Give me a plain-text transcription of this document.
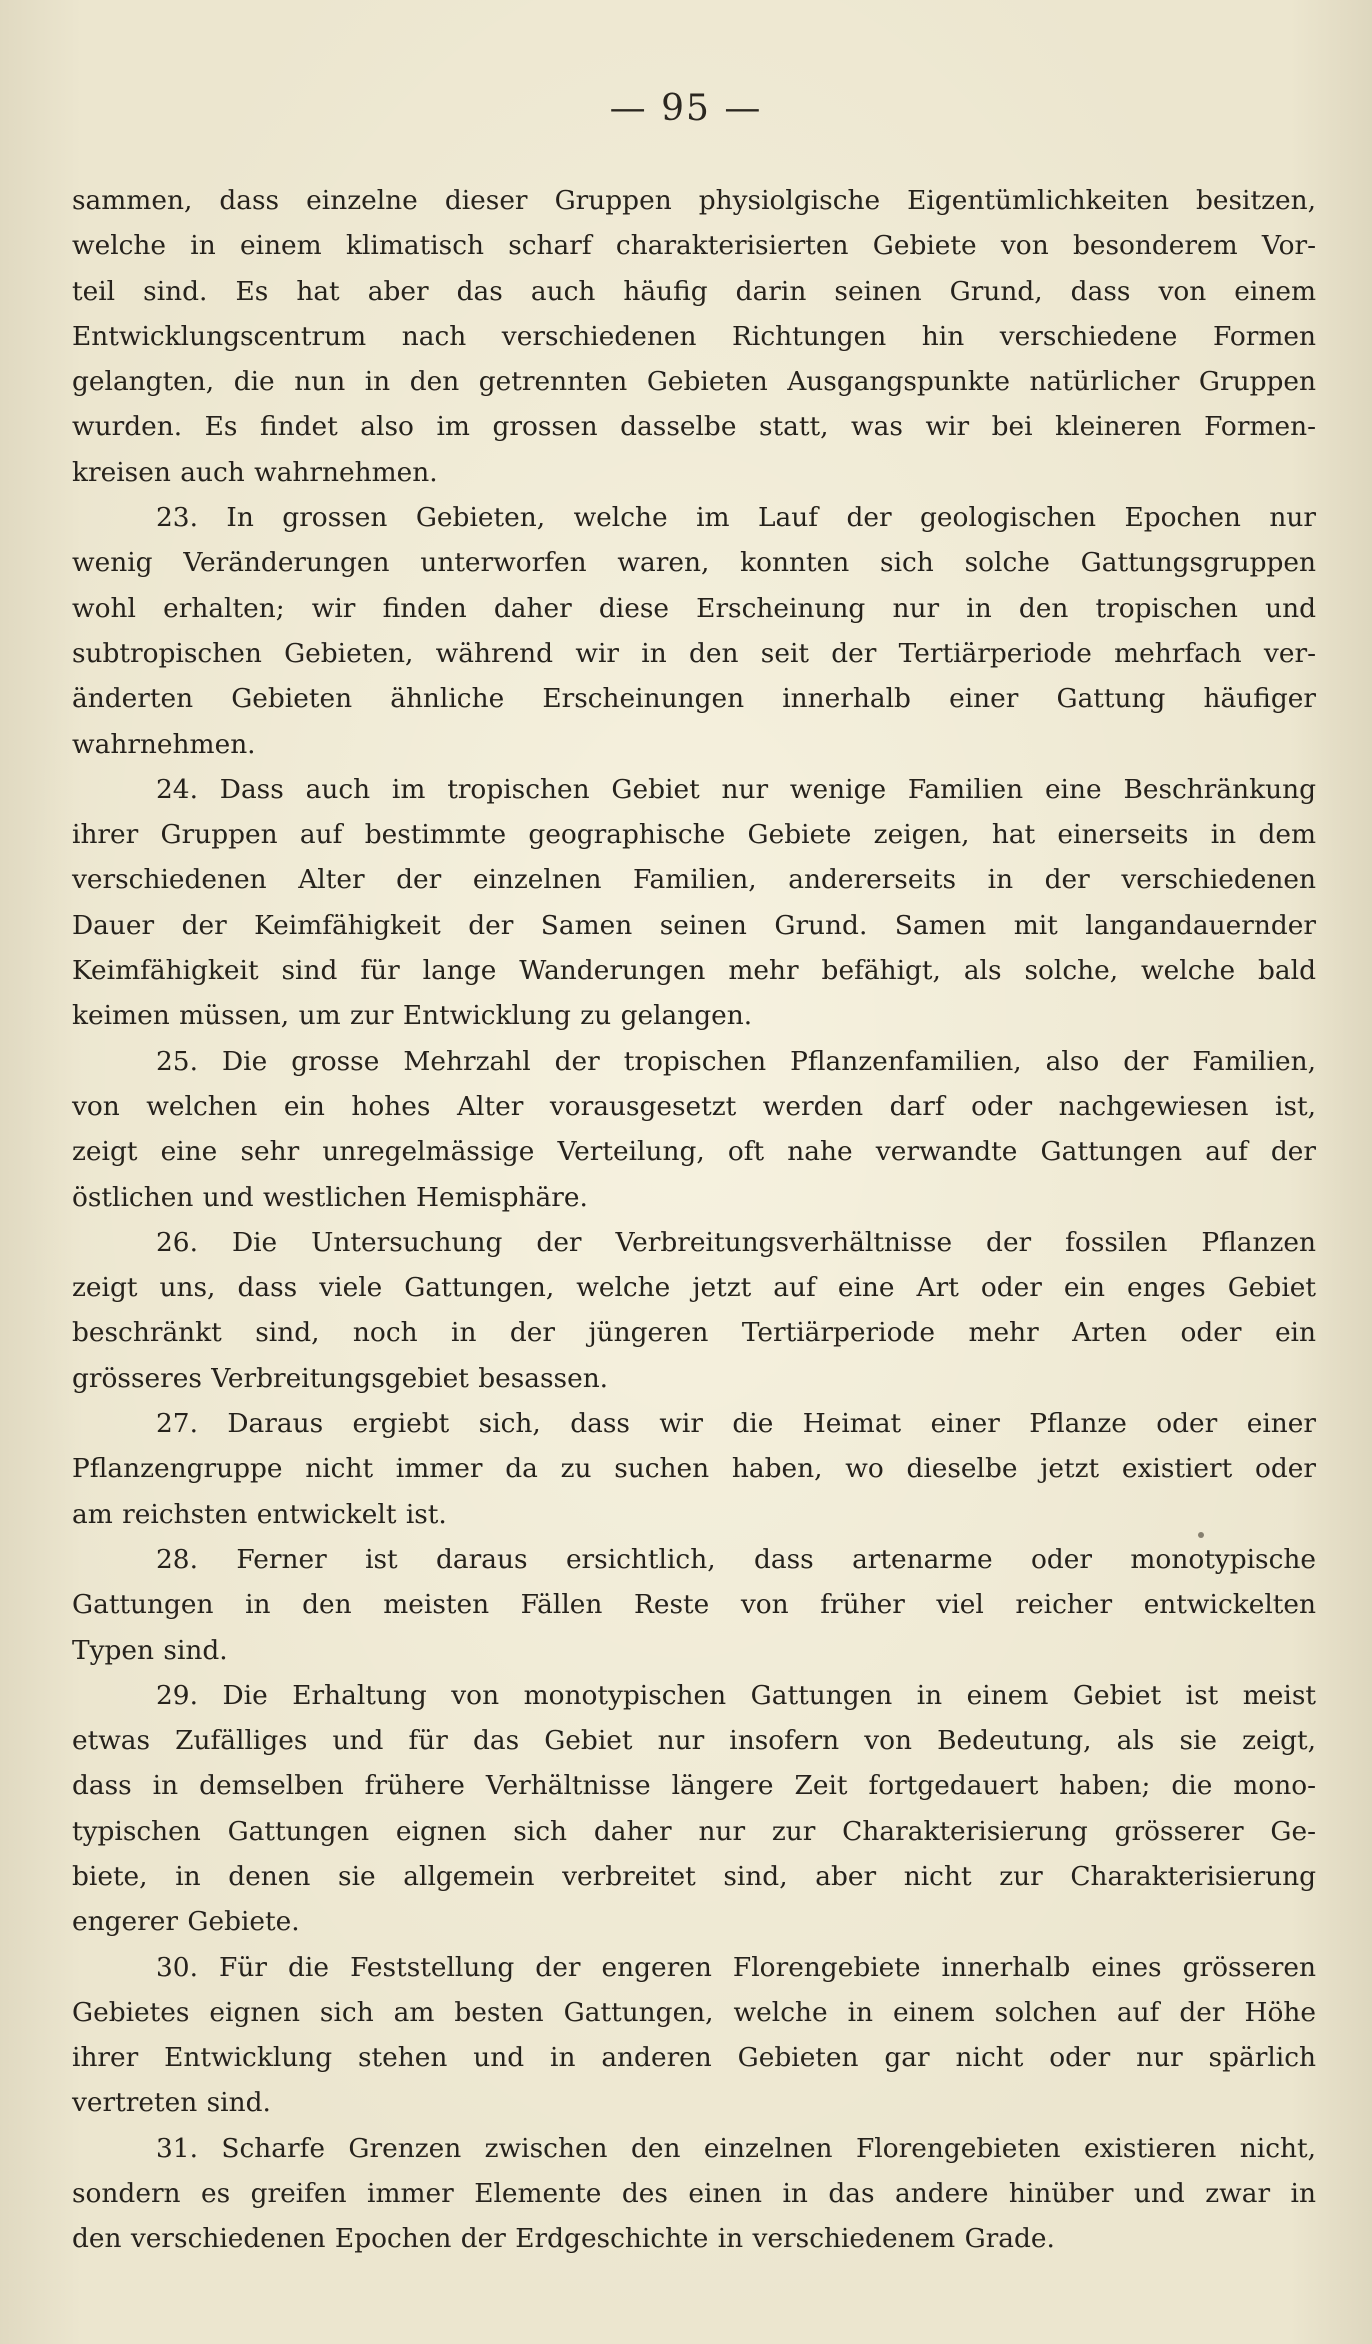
— 95 —
sammen, dass einzelne dieser Gruppen physiolgische Eigentümlichkeiten besitzen,
welche in einem klimatisch scharf charakterisierten Gebiete von besonderem Vor-
teil sind. Es hat aber das auch häufig darin seinen Grund, dass von einem
Entwicklungscentrum nach verschiedenen Richtungen hin verschiedene Formen
gelangten, die nun in den getrennten Gebieten Ausgangspunkte natürlicher Gruppen
wurden. Es findet also im grossen dasselbe statt, was wir bei kleineren Formen-
kreisen auch wahrnehmen.
23. In grossen Gebieten, welche im Lauf der geologischen Epochen nur
wenig Veränderungen unterworfen waren, konnten sich solche Gattungsgruppen
wohl erhalten; wir finden daher diese Erscheinung nur in den tropischen und
subtropischen Gebieten, während wir in den seit der Tertiärperiode mehrfach ver-
änderten Gebieten ähnliche Erscheinungen innerhalb einer Gattung häufiger
wahrnehmen.
24. Dass auch im tropischen Gebiet nur wenige Familien eine Beschränkung
ihrer Gruppen auf bestimmte geographische Gebiete zeigen, hat einerseits in dem
verschiedenen Alter der einzelnen Familien, andererseits in der verschiedenen
Dauer der Keimfähigkeit der Samen seinen Grund. Samen mit langandauernder
Keimfähigkeit sind für lange Wanderungen mehr befähigt, als solche, welche bald
keimen müssen, um zur Entwicklung zu gelangen.
25. Die grosse Mehrzahl der tropischen Pflanzenfamilien, also der Familien,
von welchen ein hohes Alter vorausgesetzt werden darf oder nachgewiesen ist,
zeigt eine sehr unregelmässige Verteilung, oft nahe verwandte Gattungen auf der
östlichen und westlichen Hemisphäre.
26. Die Untersuchung der Verbreitungsverhältnisse der fossilen Pflanzen
zeigt uns, dass viele Gattungen, welche jetzt auf eine Art oder ein enges Gebiet
beschränkt sind, noch in der jüngeren Tertiärperiode mehr Arten oder ein
grösseres Verbreitungsgebiet besassen.
27. Daraus ergiebt sich, dass wir die Heimat einer Pflanze oder einer
Pflanzengruppe nicht immer da zu suchen haben, wo dieselbe jetzt existiert oder
am reichsten entwickelt ist.
28. Ferner ist daraus ersichtlich, dass artenarme oder monotypische
Gattungen in den meisten Fällen Reste von früher viel reicher entwickelten
Typen sind.
29. Die Erhaltung von monotypischen Gattungen in einem Gebiet ist meist
etwas Zufälliges und für das Gebiet nur insofern von Bedeutung, als sie zeigt,
dass in demselben frühere Verhältnisse längere Zeit fortgedauert haben; die mono-
typischen Gattungen eignen sich daher nur zur Charakterisierung grösserer Ge-
biete, in denen sie allgemein verbreitet sind, aber nicht zur Charakterisierung
engerer Gebiete.
30. Für die Feststellung der engeren Florengebiete innerhalb eines grösseren
Gebietes eignen sich am besten Gattungen, welche in einem solchen auf der Höhe
ihrer Entwicklung stehen und in anderen Gebieten gar nicht oder nur spärlich
vertreten sind.
31. Scharfe Grenzen zwischen den einzelnen Florengebieten existieren nicht,
sondern es greifen immer Elemente des einen in das andere hinüber und zwar in
den verschiedenen Epochen der Erdgeschichte in verschiedenem Grade.
